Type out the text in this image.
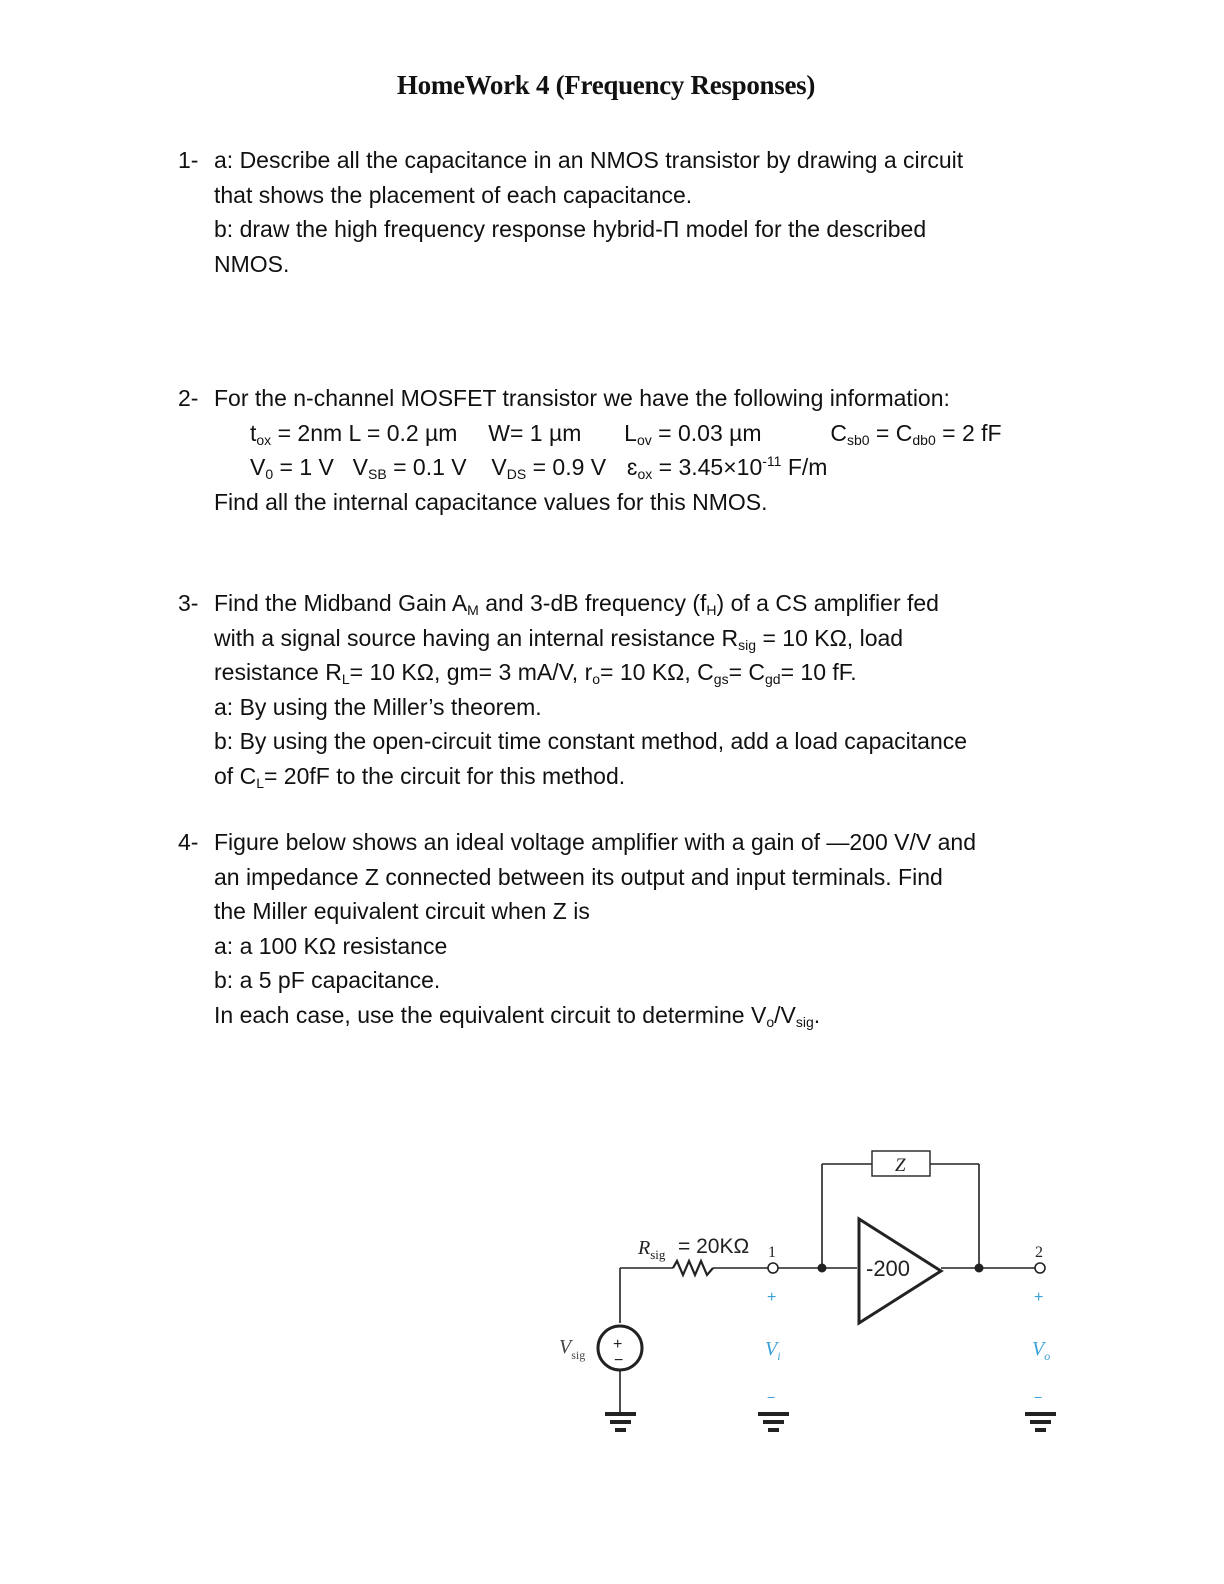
HomeWork 4 (Frequency Responses)
1- a: Describe all the capacitance in an NMOS transistor by drawing a circuit
that shows the placement of each capacitance.
b: draw the high frequency response hybrid-Π model for the described
NMOS.
2- For the n-channel MOSFET transistor we have the following information:
$t_{ox} = 2nm$ L = 0.2 µm W= 1 µm $L_{ov} = 0.03$ µm	$C_{sb0} = C_{db0} = 2$ fF
$V_0 = 1$ V $V_{SB} = 0.1$ V $V_{DS} = 0.9$ V ɛ$_{ox}$ = $3.45\times 10^{-11}$ F/m
Find all the internal capacitance values for this NMOS.
3- Find the Midband Gain $A_M$ and 3-dB frequency $(f_H)$ of a CS amplifier fed
with a signal source having an internal resistance $R_{sig} = 10$ KΩ, load
resistance $R_L= 10$ KΩ, gm= 3 mA/V, $r_o= 10$ KΩ, $C_{gs}= C_{gd}= 10$ fF.
a: By using the Miller’s theorem.
b: By using the open-circuit time constant method, add a load capacitance
of $C_L= 20fF$ to the circuit for this method.
4- Figure below shows an ideal voltage amplifier with a gain of —200 V/V and
an impedance Z connected between its output and input terminals. Find
the Miller equivalent circuit when Z is
a: a 100 KΩ resistance
b: a 5 pF capacitance.
In each case, use the equivalent circuit to determine $V_o/V_{sig}$.
$R_{sig} = 20K\Omega$ 1	2
Z
-200
+
−
$V_{sig}$
+
$V_i$
−
+
$V_o$
−
